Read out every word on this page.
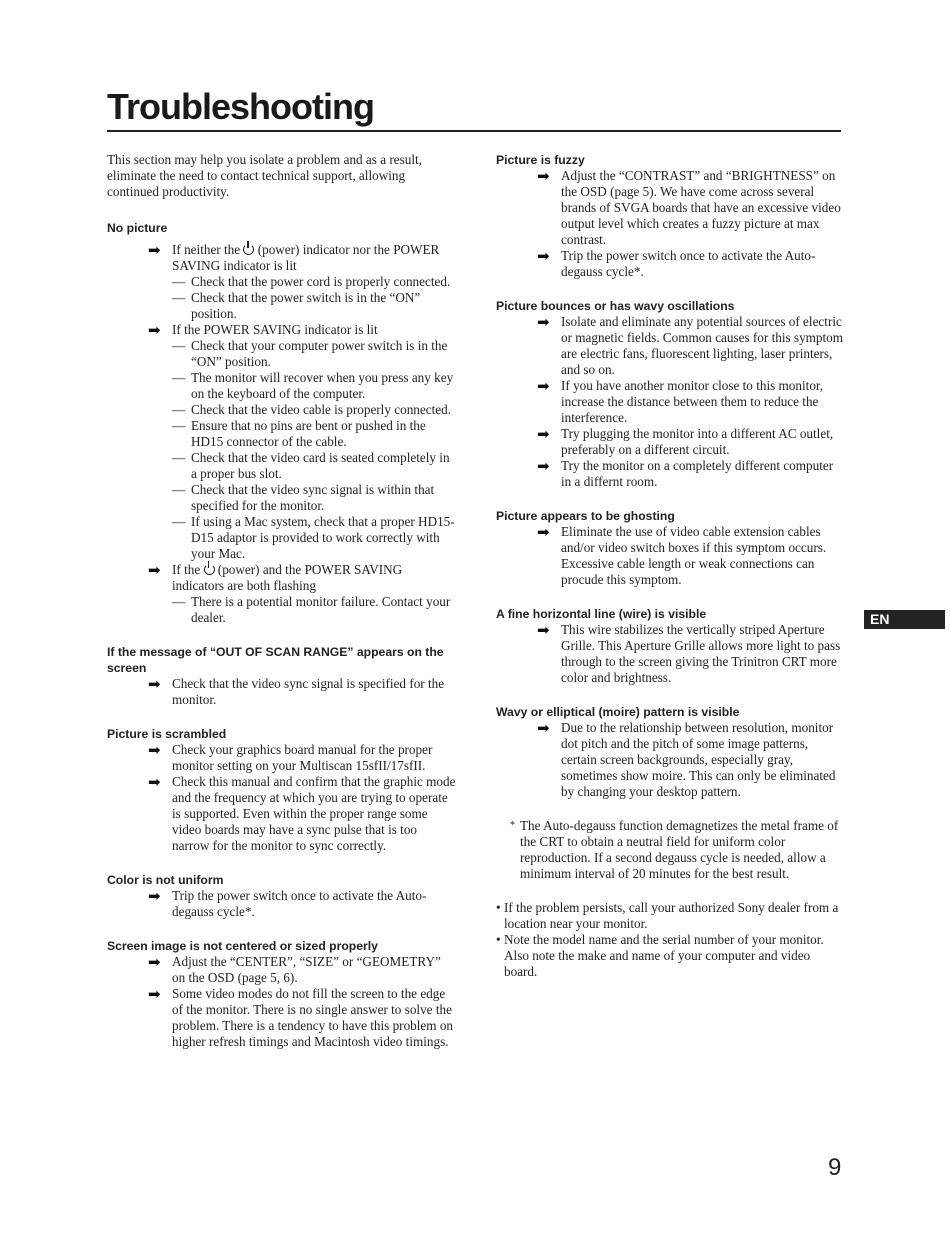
Troubleshooting

This section may help you isolate a problem and as a result, eliminate the need to contact technical support, allowing continued productivity.

No picture
➡ If neither the (power) indicator nor the POWER SAVING indicator is lit
— Check that the power cord is properly connected.
— Check that the power switch is in the “ON” position.
➡ If the POWER SAVING indicator is lit
— Check that your computer power switch is in the “ON” position.
— The monitor will recover when you press any key on the keyboard of the computer.
— Check that the video cable is properly connected.
— Ensure that no pins are bent or pushed in the HD15 connector of the cable.
— Check that the video card is seated completely in a proper bus slot.
— Check that the video sync signal is within that specified for the monitor.
— If using a Mac system, check that a proper HD15-D15 adaptor is provided to work correctly with your Mac.
➡ If the (power) and the POWER SAVING indicators are both flashing
— There is a potential monitor failure. Contact your dealer.
If the message of “OUT OF SCAN RANGE” appears on the screen
➡ Check that the video sync signal is specified for the monitor.
Picture is scrambled
➡ Check your graphics board manual for the proper monitor setting on your Multiscan 15sfII/17sfII.
➡ Check this manual and confirm that the graphic mode and the frequency at which you are trying to operate is supported. Even within the proper range some video boards may have a sync pulse that is too narrow for the monitor to sync correctly.
Color is not uniform
➡ Trip the power switch once to activate the Auto-degauss cycle*.
Screen image is not centered or sized properly
➡ Adjust the “CENTER”, “SIZE” or “GEOMETRY” on the OSD (page 5, 6).
➡ Some video modes do not fill the screen to the edge of the monitor. There is no single answer to solve the problem. There is a tendency to have this problem on higher refresh timings and Macintosh video timings.
Picture is fuzzy
➡ Adjust the “CONTRAST” and “BRIGHTNESS” on the OSD (page 5). We have come across several brands of SVGA boards that have an excessive video output level which creates a fuzzy picture at max contrast.
➡ Trip the power switch once to activate the Auto-degauss cycle*.
Picture bounces or has wavy oscillations
➡ Isolate and eliminate any potential sources of electric or magnetic fields. Common causes for this symptom are electric fans, fluorescent lighting, laser printers, and so on.
➡ If you have another monitor close to this monitor, increase the distance between them to reduce the interference.
➡ Try plugging the monitor into a different AC outlet, preferably on a different circuit.
➡ Try the monitor on a completely different computer in a differnt room.
Picture appears to be ghosting
➡ Eliminate the use of video cable extension cables and/or video switch boxes if this symptom occurs. Excessive cable length or weak connections can procude this symptom.
A fine horizontal line (wire) is visible
➡ This wire stabilizes the vertically striped Aperture Grille. This Aperture Grille allows more light to pass through to the screen giving the Trinitron CRT more color and brightness.
Wavy or elliptical (moire) pattern is visible
➡ Due to the relationship between resolution, monitor dot pitch and the pitch of some image patterns, certain screen backgrounds, especially gray, sometimes show moire. This can only be eliminated by changing your desktop pattern.
* The Auto-degauss function demagnetizes the metal frame of the CRT to obtain a neutral field for uniform color reproduction. If a second degauss cycle is needed, allow a minimum interval of 20 minutes for the best result.
• If the problem persists, call your authorized Sony dealer from a location near your monitor.
• Note the model name and the serial number of your monitor. Also note the make and name of your computer and video board.
EN
9
